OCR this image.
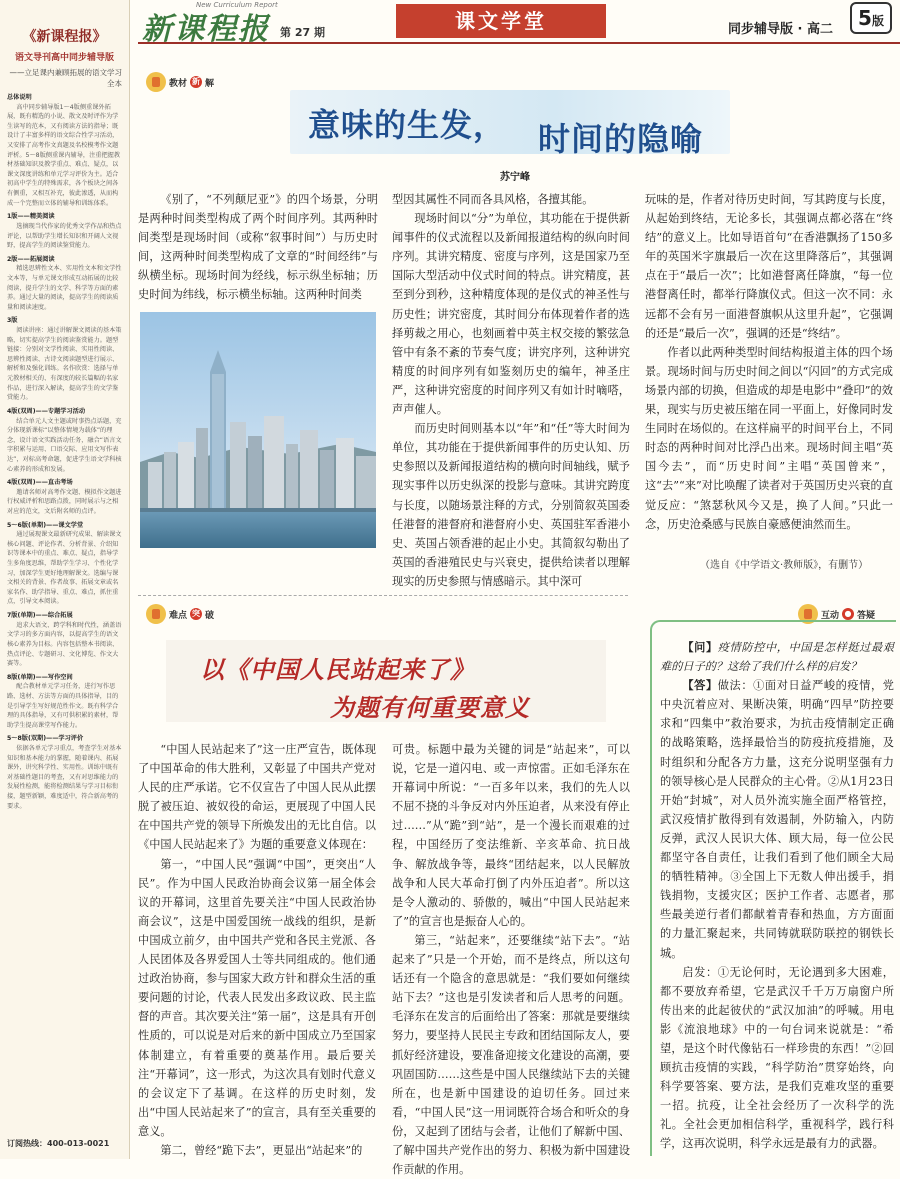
《新课程报》
语文导刊高中同步辅导版
——立足课内兼顾拓展的语文学习全本
总体说明

高中同步辅导版1～4版侧重课外拓展，既有精选的小说、散文及时评作为学生读写的范本，又有阅读方法的指导；既设计了丰富多样的语文综合性学习活动，又安排了高考作文真题及名校模考作文题评析。5～8版侧重课内辅导，注重把握教材基础知识及教学重点、难点、疑点，以课文深度讲练和单元学习评价为主。适合初高中学生的特殊需求，各个板块之间各有侧重，又相互补充，彼此渗透，从而构成一个完整而立体的辅导和训练体系。

1版——精美阅读

选摘现当代作家的优秀文学作品和热点评论，以帮助学生增长知识和开阔人文视野，提高学生的阅读鉴赏能力。

2版——拓展阅读

精选思辨性文本、实用性文本和文学性文本等，与单元课文形成互动拓展的比较阅读，提升学生的文学、科学等方面的素养。通过大量的阅读，提高学生的阅读质量和阅读速度。

3版

阅读讲座：通过讲解课文阅读的基本策略，切实提高学生的阅读鉴赏能力。题型链接：分别对文学性阅读、实用性阅读、思辨性阅读、古诗文阅读题型进行展示、解析和及强化训练。名作欣赏：选择与单元教材相关的、有深度的较长篇幅的名家作品，进行深入解读，提高学生的文学鉴赏能力。

4版(双周)——专题学习活动

结合单元人文主题或时事热点话题，充分体现新课标“以整体情境为载体”的理念，设计语文实践活动任务，融合“语言文字积累与运用、口语交际、应用文写作表达”，对标高考命题，促进学生语文学科核心素养的形成和发展。

4版(双周)——直击考场

邀请名师对高考作文题、模拟作文题进行权威评析和思路点拨，同时展示与之相对应的范文，文后附名师的点评。

5～6版(单期)——课文学堂

通过展现课文最新研究成果、解读课文核心问题、评论作者、分析背景、介绍知识等课本中的重点、难点、疑点，指导学生多角度思维，帮助学生学习、个性化学习，加深学生更好地理解课文。选编与课文相关的背景、作者故事、拓展文章或名家名作、助学指导、重点、难点，抓住重点，引导文本阅读。

7版(单期)——综合拓展

追求大语文、跨学科和时代性，涵盖语文学习的多方面内容，以提高学生的语文核心素养为目标。内容包括整本书阅读、热点评论、专题研习、文化博览、作文大赛等。

8版(单期)——写作空间

配合教材单元学习任务，进行写作思路、选材、方法等方面的具体指导，目的是引导学生写好规范性作文。既有科学合理的具体指导，又有可供积累的素材，帮助学生提高课堂写作能力。

5～8版(双期)——学习评价

依据各单元学习重点，考查学生对基本知识和基本能力的掌握，随着课内、拓展课外，讲究科学性、实用性。训练中既有对基础性题目的考查，又有对思维能力的发展性检测，能将检测结果与学习目标衔接，题型新颖，难度适中，符合新高考的要求。

订阅热线：400-013-0021
新课程报
New Curriculum Report
第 27 期	课文学堂	同步辅导版 · 高二	5版
教材 新 解
意味的生发， 时间的隐喻
苏宁峰

《别了，“不列颠尼亚”》的四个场景，分明是两种时间类型构成了两个时间序列。其两种时间类型是现场时间（或称“叙事时间”）与历史时间，这两种时间类型构成了文章的“时间经纬”与纵横坐标。现场时间为经线，标示纵坐标轴；历史时间为纬线，标示横坐标轴。这两种时间类

型因其属性不同而各具风格，各擅其能。

现场时间以“分”为单位，其功能在于提供新闻事件的仪式流程以及新闻报道结构的纵向时间序列。其讲究精度、密度与序列，这是国家乃至国际大型活动中仪式时间的特点。讲究精度，甚至到分到秒，这种精度体现的是仪式的神圣性与历史性；讲究密度，其时间分布体现着作者的选择剪裁之用心，也刻画着中英主权交接的繁弦急管中有条不紊的节奏气度；讲究序列，这种讲究精度的时间序列有如鉴刻历史的编年，神圣庄严，这种讲究密度的时间序列又有如计时嘀嗒，声声催人。

而历史时间则基本以“年”和“任”等大时间为单位，其功能在于提供新闻事件的历史认知、历史参照以及新闻报道结构的横向时间轴线，赋予现实事件以历史纵深的投影与意味。其讲究跨度与长度，以随场景注释的方式，分别简叙英国委任港督的港督府和港督府小史、英国驻军香港小史、英国占领香港的起止小史。其简叙勾勒出了英国的香港殖民史与兴衰史，提供给读者以理解现实的历史参照与情感暗示。其中深可

玩味的是，作者对待历史时间，写其跨度与长度，从起始到终结，无论多长，其强调点都必落在“终结”的意义上。比如导语首句“在香港飘扬了150多年的英国米字旗最后一次在这里降落后”，其强调点在于“最后一次”；比如港督离任降旗，“每一位港督离任时，都举行降旗仪式。但这一次不同：永远都不会有另一面港督旗帜从这里升起”，它强调的还是“最后一次”，强调的还是“终结”。

作者以此两种类型时间结构报道主体的四个场景。现场时间与历史时间之间以“闪回”的方式完成场景内部的切换，但造成的却是电影中“叠印”的效果，现实与历史被压缩在同一平面上，好像同时发生同时在场似的。在这样扁平的时间平台上，不同时态的两种时间对比浮凸出来。现场时间主唱“英国今去”，而“历史时间”主唱“英国曾来”，这“去”“来”对比唤醒了读者对于英国历史兴衰的直觉反应：“煞瑟秋风今又是，换了人间。”只此一念，历史沧桑感与民族自豪感便油然而生。

（选自《中学语文·教师版》，有删节）
难点 突 破
以《中国人民站起来了》
为题有何重要意义

“中国人民站起来了”这一庄严宣告，既体现了中国革命的伟大胜利，又彰显了中国共产党对人民的庄严承诺。它不仅宣告了中国人民从此摆脱了被压迫、被奴役的命运，更展现了中国人民在中国共产党的领导下所焕发出的无比自信。以《中国人民站起来了》为题的重要意义体现在：

第一，“中国人民”强调“中国”，更突出“人民”。作为中国人民政治协商会议第一届全体会议的开幕词，这里首先要关注“中国人民政治协商会议”，这是中国爱国统一战线的组织，是新中国成立前夕，由中国共产党和各民主党派、各人民团体及各界爱国人士等共同组成的。他们通过政治协商，参与国家大政方针和群众生活的重要问题的讨论，代表人民发出多政议政、民主监督的声音。其次要关注“第一届”，这是具有开创性质的，可以说是对后来的新中国成立乃至国家体制建立，有着重要的奠基作用。最后要关注“开幕词”，这一形式，为这次具有划时代意义的会议定下了基调。在这样的历史时刻，发出“中国人民站起来了”的宣言，具有至关重要的意义。

第二，曾经“跪下去”，更显出“站起来”的

可贵。标题中最为关键的词是“站起来”，可以说，它是一道闪电、或一声惊雷。正如毛泽东在开幕词中所说：“一百多年以来，我们的先人以不屈不挠的斗争反对内外压迫者，从来没有停止过……”从“跪”到“站”，是一个漫长而艰难的过程，中国经历了变法维新、辛亥革命、抗日战争、解放战争等，最终“团结起来，以人民解放战争和人民大革命打倒了内外压迫者”。所以这是令人激动的、骄傲的，喊出“中国人民站起来了”的宣言也是振奋人心的。

第三，“站起来”，还要继续“站下去”。“站起来了”只是一个开始，而不是终点，所以这句话还有一个隐含的意思就是：“我们要如何继续站下去？”这也是引发读者和后人思考的问题。毛泽东在发言的后面给出了答案：那就是要继续努力，要坚持人民民主专政和团结国际友人，要抓好经济建设，要准备迎接文化建设的高潮，要巩固国防……这些是中国人民继续站下去的关键所在，也是新中国建设的迫切任务。回过来看，“中国人民”这一用词既符合场合和听众的身份，又起到了团结与会者，让他们了解新中国、了解中国共产党作出的努力、积极为新中国建设作贡献的作用。

互动 ● 答疑

【问】疫情防控中，中国是怎样挺过最艰难的日子的？这给了我们什么样的启发？

【答】做法：①面对日益严峻的疫情，党中央沉着应对、果断决策，明确“四早”防控要求和“四集中”救治要求，为抗击疫情制定正确的战略策略，选择最恰当的防疫抗疫措施，及时组织和分配各方力量，这充分说明坚强有力的领导核心是人民群众的主心骨。②从1月23日开始“封城”，对人员外流实施全面严格管控，武汉疫情扩散得到有效遏制，外防输入，内防反弹，武汉人民识大体、顾大局，每一位公民都坚守各自责任，让我们看到了他们顾全大局的牺牲精神。③全国上下无数人伸出援手，捐钱捐物，支援灾区；医护工作者、志愿者，那些最美逆行者们都献着青春和热血，方方面面的力量汇聚起来，共同铸就联防联控的钢铁长城。

启发：①无论何时，无论遇到多大困难，都不要放弃希望，它是武汉千千万万扇窗户所传出来的此起彼伏的“武汉加油”的呼喊。用电影《流浪地球》中的一句台词来说就是：“希望，是这个时代像钻石一样珍贵的东西！”②回顾抗击疫情的实践，“科学防治”贯穿始终，向科学要答案、要方法，是我们克难攻坚的重要一招。抗疫，让全社会经历了一次科学的洗礼。全社会更加相信科学，重视科学，践行科学，这再次说明，科学永远是最有力的武器。
